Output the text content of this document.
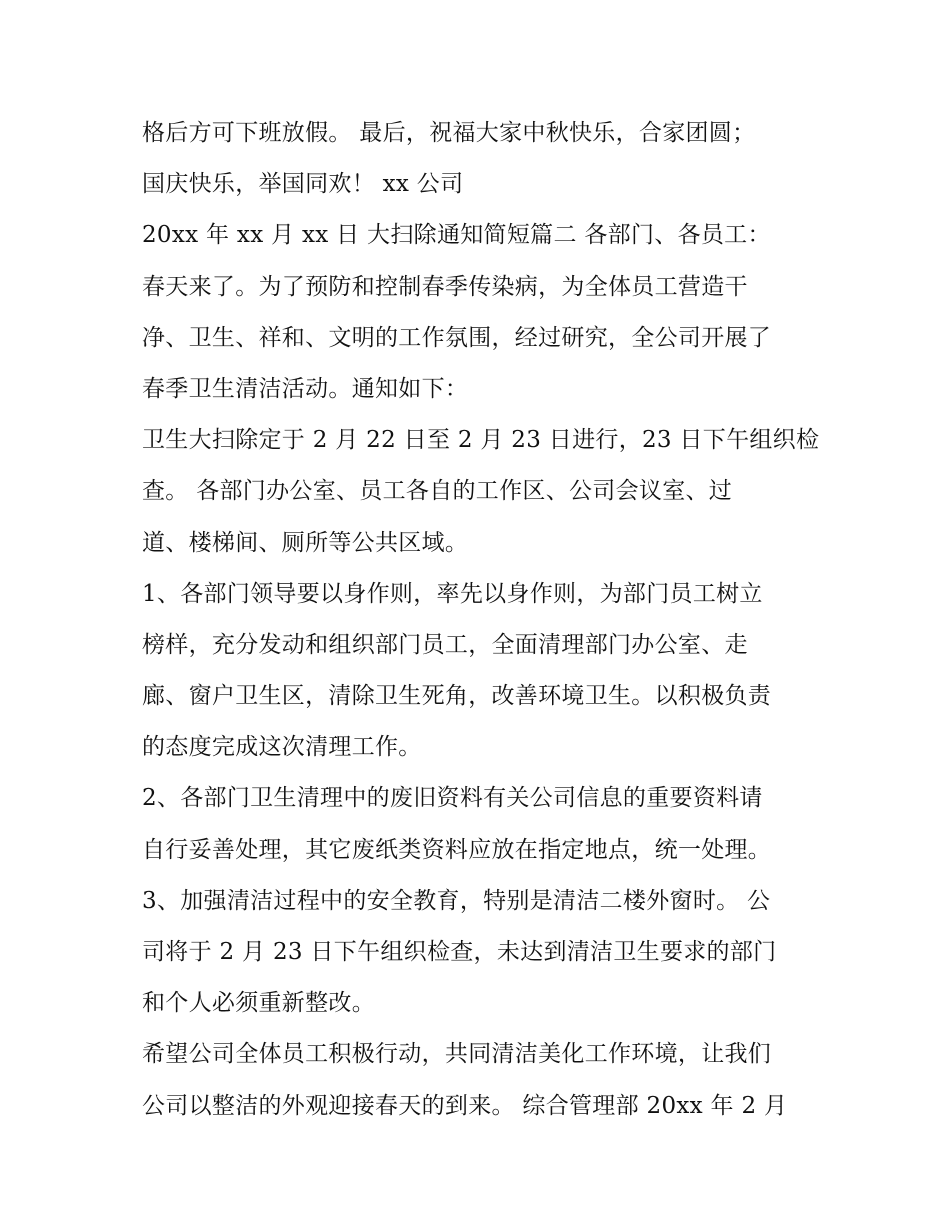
格后方可下班放假。 最后，祝福大家中秋快乐，合家团圆；
国庆快乐，举国同欢！ xx 公司
20xx 年 xx 月 xx 日 大扫除通知简短篇二 各部门、各员工：
春天来了。为了预防和控制春季传染病，为全体员工营造干
净、卫生、祥和、文明的工作氛围，经过研究，全公司开展了
春季卫生清洁活动。通知如下：
卫生大扫除定于 2 月 22 日至 2 月 23 日进行，23 日下午组织检
查。 各部门办公室、员工各自的工作区、公司会议室、过
道、楼梯间、厕所等公共区域。
1、各部门领导要以身作则，率先以身作则，为部门员工树立
榜样，充分发动和组织部门员工，全面清理部门办公室、走
廊、窗户卫生区，清除卫生死角，改善环境卫生。以积极负责
的态度完成这次清理工作。
2、各部门卫生清理中的废旧资料有关公司信息的重要资料请
自行妥善处理，其它废纸类资料应放在指定地点，统一处理。
3、加强清洁过程中的安全教育，特别是清洁二楼外窗时。 公
司将于 2 月 23 日下午组织检查，未达到清洁卫生要求的部门
和个人必须重新整改。
希望公司全体员工积极行动，共同清洁美化工作环境，让我们
公司以整洁的外观迎接春天的到来。 综合管理部 20xx 年 2 月
